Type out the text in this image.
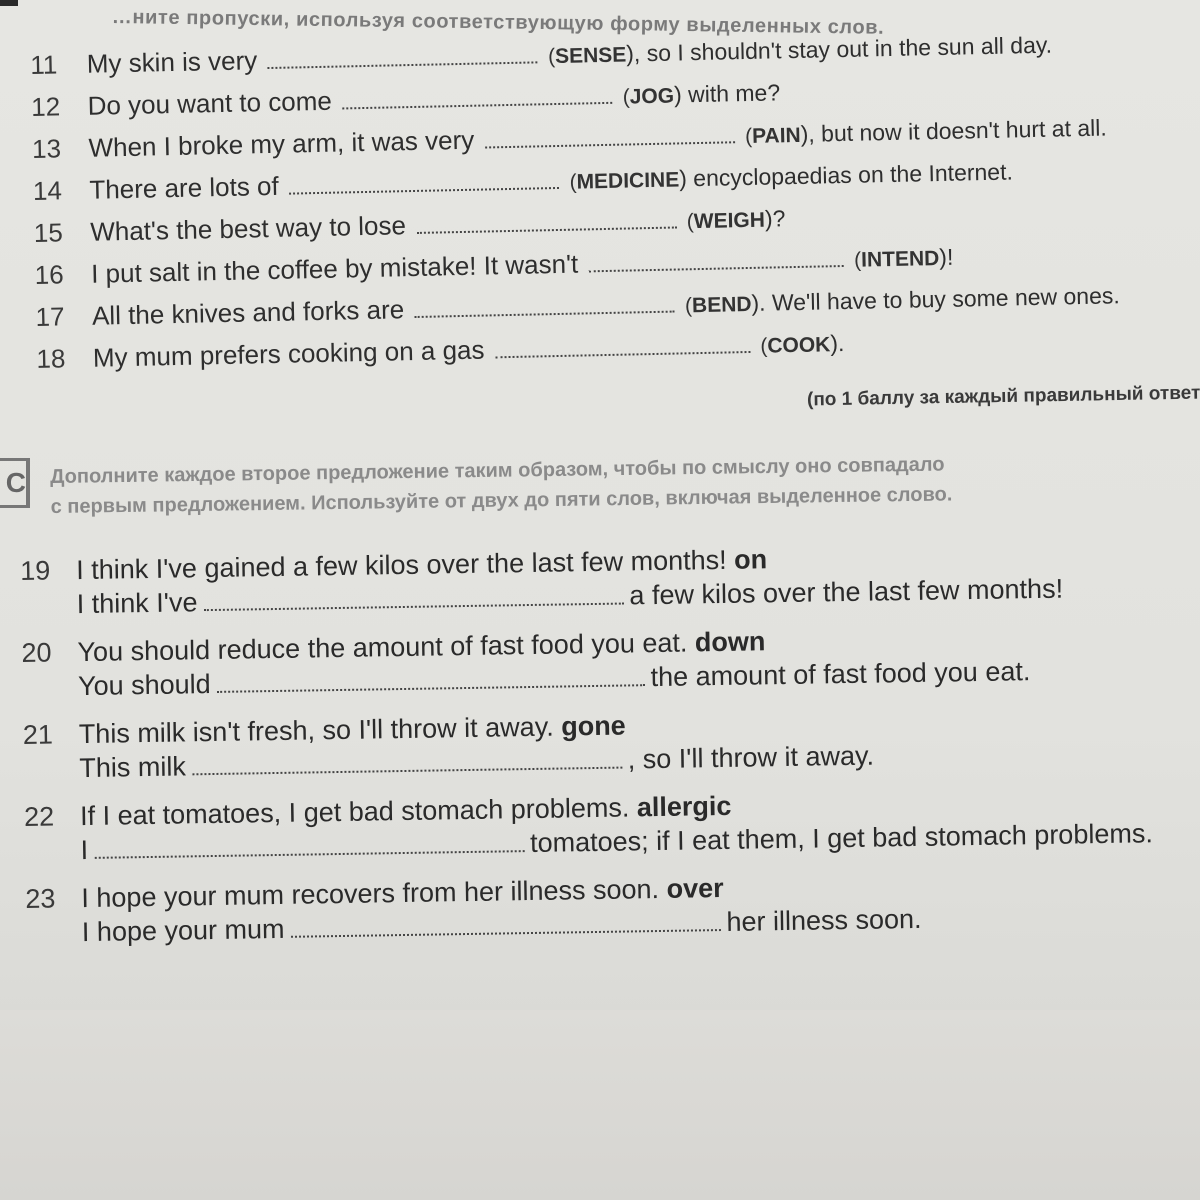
…ните пропуски, используя соответствующую форму выделенных слов.
11 My skin is very	(SENSE), so I shouldn't stay out in the sun all day.
12 Do you want to come	(JOG) with me?
13 When I broke my arm, it was very	(PAIN), but now it doesn't hurt at all.
14 There are lots of	(MEDICINE) encyclopaedias on the Internet.
15 What's the best way to lose	(WEIGH)?
16 I put salt in the coffee by mistake! It wasn't	(INTEND)!
17 All the knives and forks are	(BEND). We'll have to buy some new ones.
18 My mum prefers cooking on a gas	(COOK).
(по 1 баллу за каждый правильный ответ
C Дополните каждое второе предложение таким образом, чтобы по смыслу оно совпадало
с первым предложением. Используйте от двух до пяти слов, включая выделенное слово.
19 I think I've gained a few kilos over the last few months! on
I think I've	a few kilos over the last few months!
20 You should reduce the amount of fast food you eat. down
You should	the amount of fast food you eat.
21 This milk isn't fresh, so I'll throw it away. gone
This milk	, so I'll throw it away.
22 If I eat tomatoes, I get bad stomach problems. allergic
I	tomatoes; if I eat them, I get bad stomach problems.
23 I hope your mum recovers from her illness soon. over
I hope your mum	her illness soon.
